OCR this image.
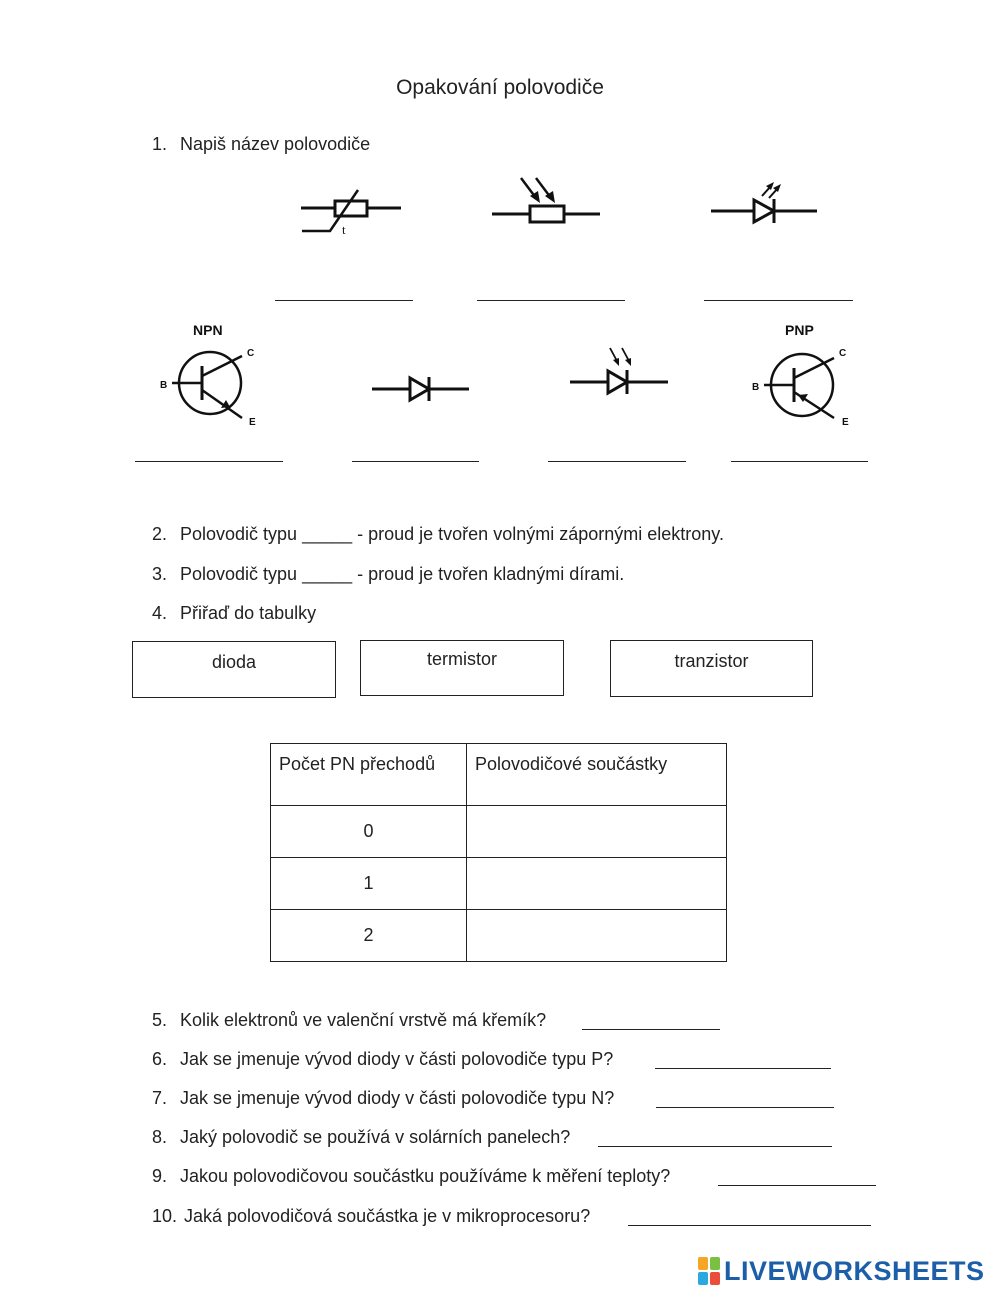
Opakování polovodiče
1. Napiš název polovodiče
t
NPN
B
C
E
PNP
B
C
E
2. Polovodič typu _____ - proud je tvořen volnými zápornými elektrony.
3. Polovodič typu _____ - proud je tvořen kladnými dírami.
4. Přiřaď do tabulky
dioda	termistor	tranzistor
Počet PN přechodů	Polovodičové součástky
0	
1	
2	
5. Kolik elektronů ve valenční vrstvě má křemík?
6. Jak se jmenuje vývod diody v části polovodiče typu P?
7. Jak se jmenuje vývod diody v části polovodiče typu N?
8. Jaký polovodič se používá v solárních panelech?
9. Jakou polovodičovou součástku používáme k měření teploty?
10. Jaká polovodičová součástka je v mikroprocesoru?
LIVEWORKSHEETS
